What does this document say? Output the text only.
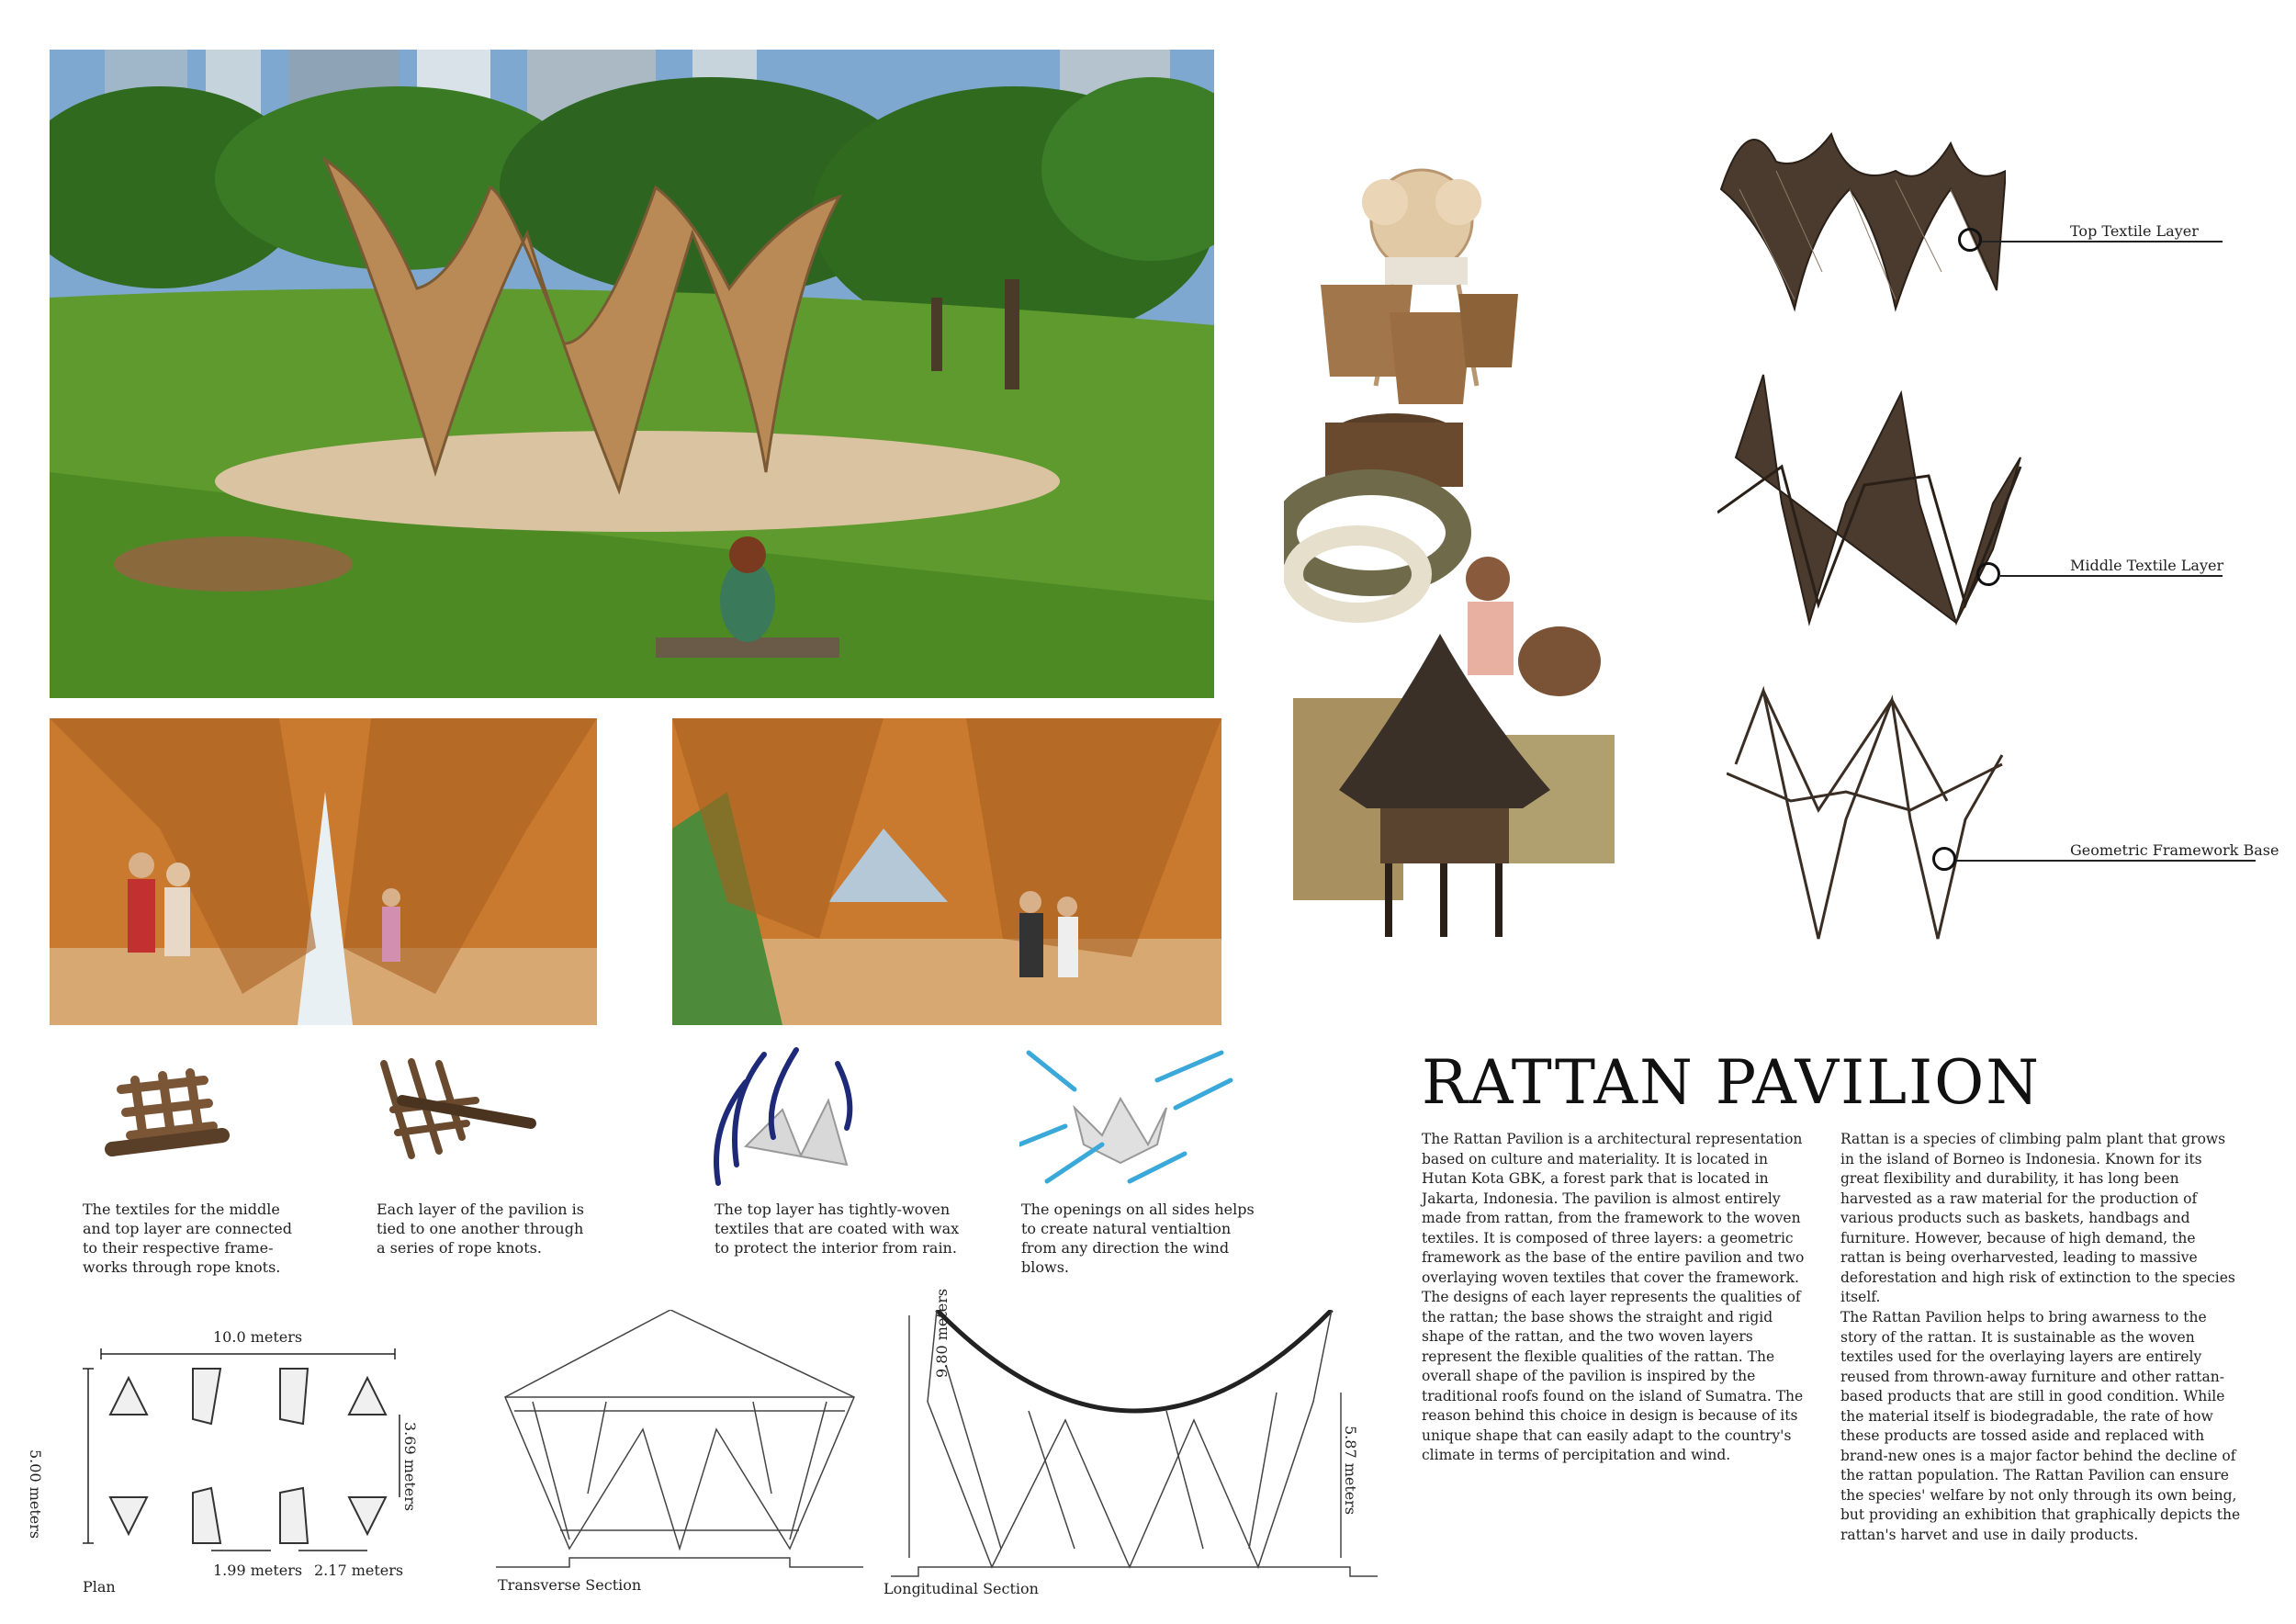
Top Textile Layer
Middle Textile Layer
Geometric Framework Base
The textiles for the middle
and top layer are connected
to their respective frame-
works through rope knots.
Each layer of the pavilion is
tied to one another through
a series of rope knots.
The top layer has tightly-woven
textiles that are coated with wax
to protect the interior from rain.
The openings on all sides helps
to create natural ventialtion
from any direction the wind
blows.
10.0 meters
5.00 meters	3.69 meters
1.99 meters 2.17 meters
Plan	Transverse Section
9.80 meters
5.87 meters
Longitudinal Section
RATTAN PAVILION

The Rattan Pavilion is a architectural representation based on culture and materiality. It is located in Hutan Kota GBK, a forest park that is located in Jakarta, Indonesia. The pavilion is almost entirely made from rattan, from the framework to the woven textiles. It is composed of three layers: a geometric framework as the base of the entire pavilion and two overlaying woven textiles that cover the framework. The designs of each layer represents the qualities of the rattan; the base shows the straight and rigid shape of the rattan, and the two woven layers represent the flexible qualities of the rattan. The overall shape of the pavilion is inspired by the traditional roofs found on the island of Sumatra. The reason behind this choice in design is because of its unique shape that can easily adapt to the country's climate in terms of percipitation and wind.

Rattan is a species of climbing palm plant that grows in the island of Borneo is Indonesia. Known for its great flexibility and durability, it has long been harvested as a raw material for the production of various products such as baskets, handbags and furniture. However, because of high demand, the rattan is being overharvested, leading to massive deforestation and high risk of extinction to the species itself.

The Rattan Pavilion helps to bring awarness to the story of the rattan. It is sustainable as the woven textiles used for the overlaying layers are entirely reused from thrown-away furniture and other rattan-based products that are still in good condition. While the material itself is biodegradable, the rate of how these products are tossed aside and replaced with brand-new ones is a major factor behind the decline of the rattan population. The Rattan Pavilion can ensure the species' welfare by not only through its own being, but providing an exhibition that graphically depicts the rattan's harvet and use in daily products.
